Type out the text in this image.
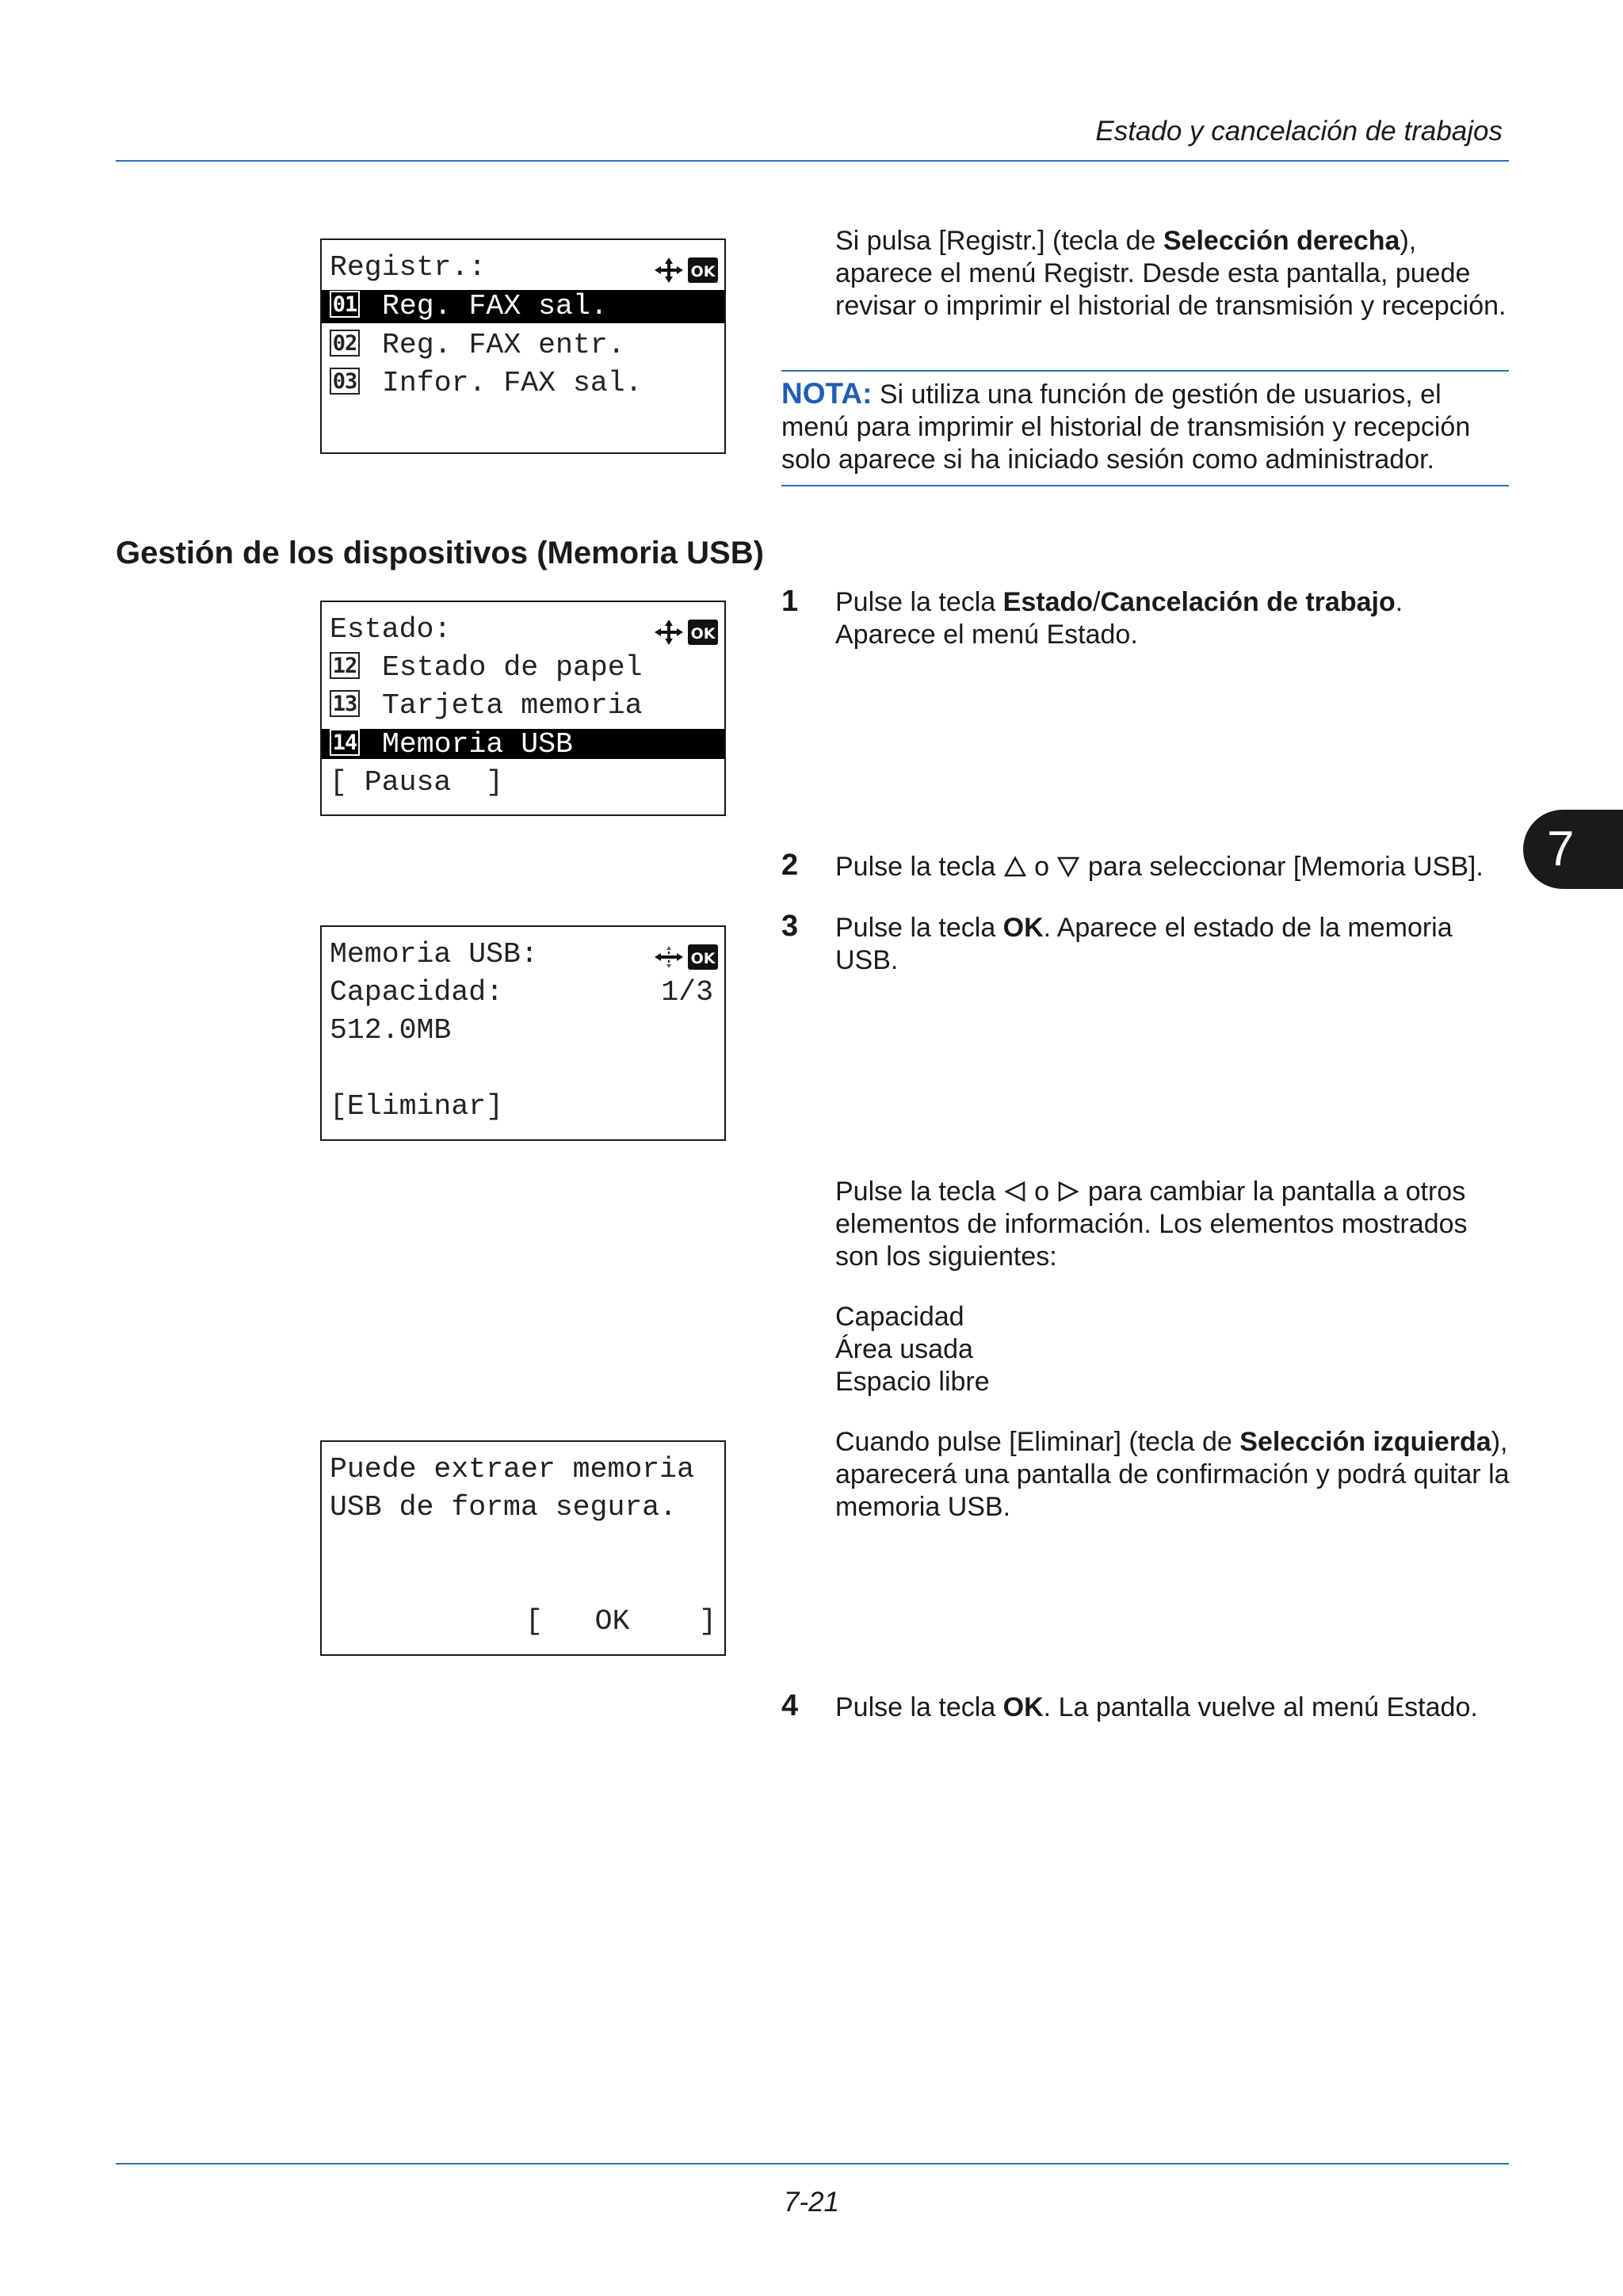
Estado y cancelación de trabajos
Registr.:	OK
01 Reg. FAX sal.
02 Reg. FAX entr.
03 Infor. FAX sal.
Si pulsa [Registr.] (tecla de Selección derecha), aparece el menú Registr. Desde esta pantalla, puede revisar o imprimir el historial de transmisión y recepción.
NOTA: Si utiliza una función de gestión de usuarios, el menú para imprimir el historial de transmisión y recepción solo aparece si ha iniciado sesión como administrador.
Gestión de los dispositivos (Memoria USB)
Estado:	OK
12 Estado de papel
13 Tarjeta memoria
14 Memoria USB
[ Pausa  ]
1 Pulse la tecla Estado/Cancelación de trabajo. Aparece el menú Estado.
7
2 Pulse la tecla  o  para seleccionar [Memoria USB].
Memoria USB:	OK
Capacidad:	1/3
512.0MB
[Eliminar]
3 Pulse la tecla OK. Aparece el estado de la memoria USB.
Pulse la tecla  o  para cambiar la pantalla a otros elementos de información. Los elementos mostrados son los siguientes:
Capacidad
Área usada
Espacio libre
Cuando pulse [Eliminar] (tecla de Selección izquierda), aparecerá una pantalla de confirmación y podrá quitar la memoria USB.
Puede extraer memoria
USB de forma segura.
[   OK    ]
4 Pulse la tecla OK. La pantalla vuelve al menú Estado.
7-21
